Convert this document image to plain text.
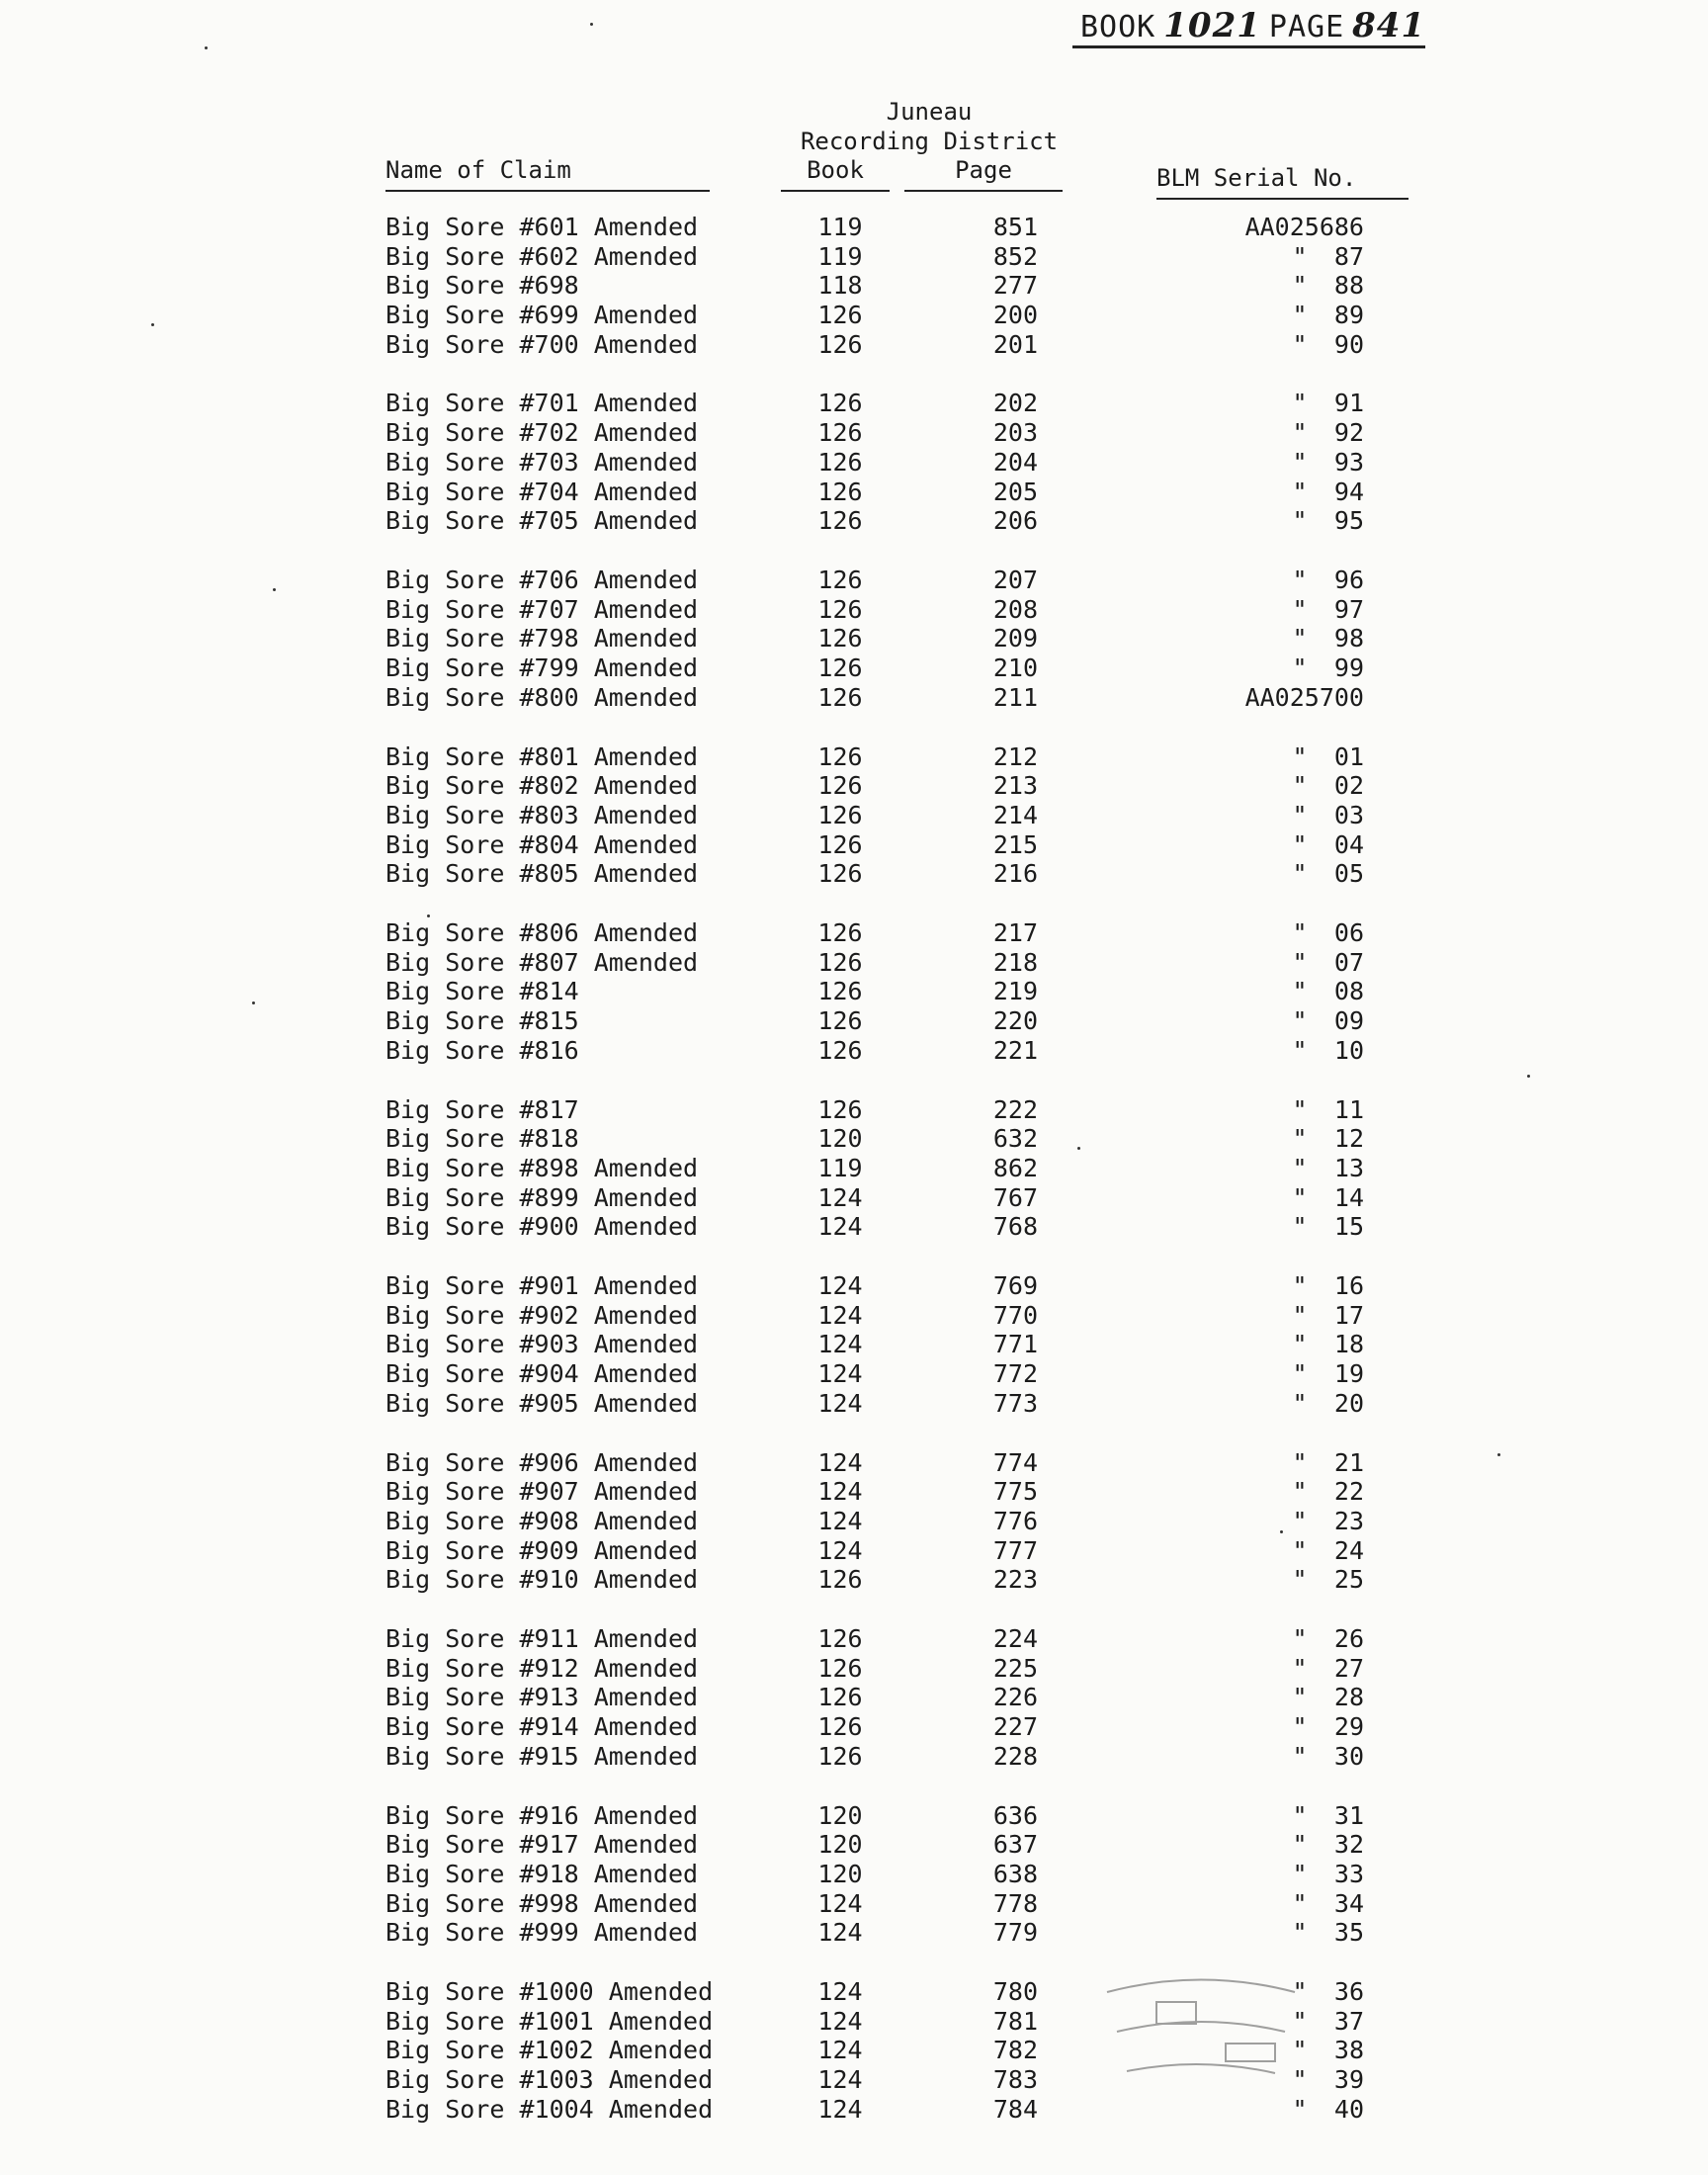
BOOK 1021 PAGE 841
Juneau
Recording District
Name of Claim	Book	Page	BLM Serial No.
Big Sore #601 Amended	119	851	AA025686
Big Sore #602 Amended	119	852	"	87
Big Sore #698	118	277	"	88
Big Sore #699 Amended	126	200	"	89
Big Sore #700 Amended	126	201	"	90
Big Sore #701 Amended	126	202	"	91
Big Sore #702 Amended	126	203	"	92
Big Sore #703 Amended	126	204	"	93
Big Sore #704 Amended	126	205	"	94
Big Sore #705 Amended	126	206	"	95
Big Sore #706 Amended	126	207	"	96
Big Sore #707 Amended	126	208	"	97
Big Sore #798 Amended	126	209	"	98
Big Sore #799 Amended	126	210	"	99
Big Sore #800 Amended	126	211	AA025700
Big Sore #801 Amended	126	212	"	01
Big Sore #802 Amended	126	213	"	02
Big Sore #803 Amended	126	214	"	03
Big Sore #804 Amended	126	215	"	04
Big Sore #805 Amended	126	216	"	05
Big Sore #806 Amended	126	217	"	06
Big Sore #807 Amended	126	218	"	07
Big Sore #814	126	219	"	08
Big Sore #815	126	220	"	09
Big Sore #816	126	221	"	10
Big Sore #817	126	222	"	11
Big Sore #818	120	632	"	12
Big Sore #898 Amended	119	862	"	13
Big Sore #899 Amended	124	767	"	14
Big Sore #900 Amended	124	768	"	15
Big Sore #901 Amended	124	769	"	16
Big Sore #902 Amended	124	770	"	17
Big Sore #903 Amended	124	771	"	18
Big Sore #904 Amended	124	772	"	19
Big Sore #905 Amended	124	773	"	20
Big Sore #906 Amended	124	774	"	21
Big Sore #907 Amended	124	775	"	22
Big Sore #908 Amended	124	776	"	23
Big Sore #909 Amended	124	777	"	24
Big Sore #910 Amended	126	223	"	25
Big Sore #911 Amended	126	224	"	26
Big Sore #912 Amended	126	225	"	27
Big Sore #913 Amended	126	226	"	28
Big Sore #914 Amended	126	227	"	29
Big Sore #915 Amended	126	228	"	30
Big Sore #916 Amended	120	636	"	31
Big Sore #917 Amended	120	637	"	32
Big Sore #918 Amended	120	638	"	33
Big Sore #998 Amended	124	778	"	34
Big Sore #999 Amended	124	779	"	35
Big Sore #1000 Amended	124	780	"	36
Big Sore #1001 Amended	124	781	"	37
Big Sore #1002 Amended	124	782	"	38
Big Sore #1003 Amended	124	783	"	39
Big Sore #1004 Amended	124	784	"	40
